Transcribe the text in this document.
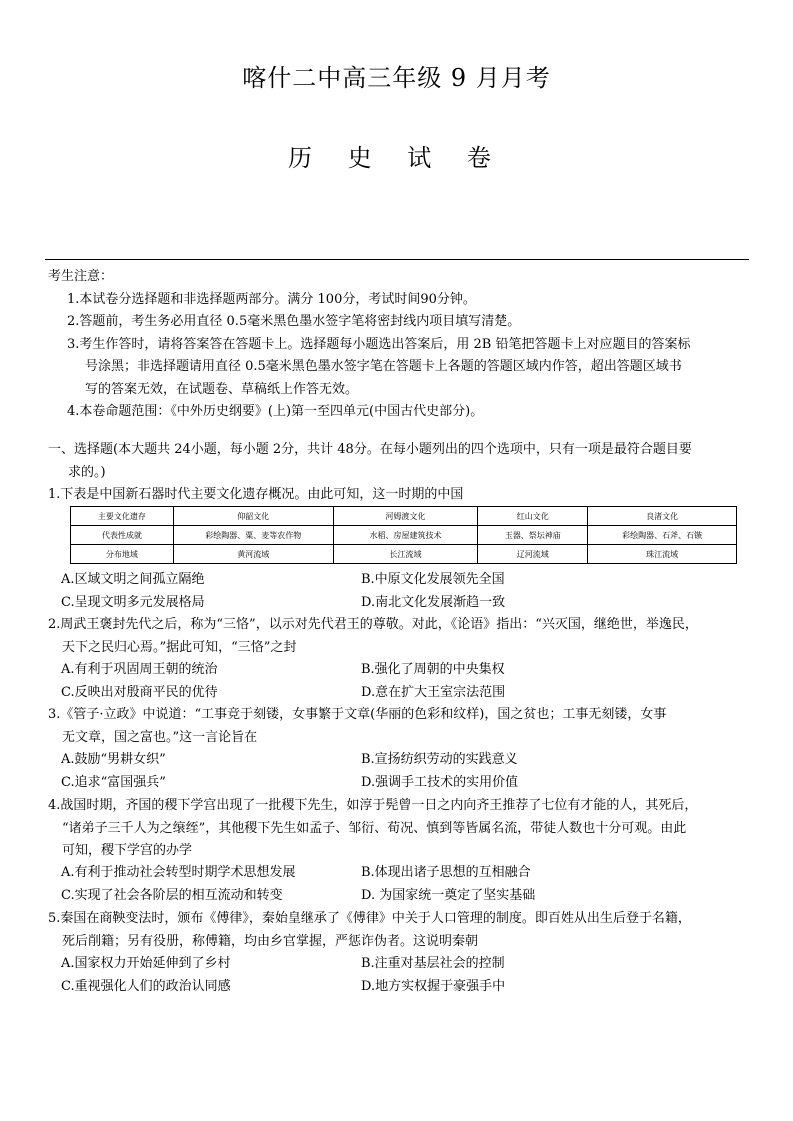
喀什二中高三年级 9 月月考
历 史 试 卷
考生注意：
1.本试卷分选择题和非选择题两部分。满分 100分，考试时间90分钟。
2.答题前，考生务必用直径 0.5毫米黑色墨水签字笔将密封线内项目填写清楚。
3.考生作答时，请将答案答在答题卡上。选择题每小题选出答案后，用 2B 铅笔把答题卡上对应题目的答案标
号涂黑；非选择题请用直径 0.5毫米黑色墨水签字笔在答题卡上各题的答题区域内作答，超出答题区域书
写的答案无效，在试题卷、草稿纸上作答无效。
4.本卷命题范围：《中外历史纲要》(上)第一至四单元(中国古代史部分)。
一、选择题(本大题共 24小题，每小题 2分，共计 48分。在每小题列出的四个选项中，只有一项是最符合题目要
求的。)
1.下表是中国新石器时代主要文化遗存概况。由此可知，这一时期的中国
主要文化遗存	仰韶文化	河姆渡文化	红山文化	良渚文化
代表性成就	彩绘陶器、粟、麦等农作物	水稻、房屋建筑技术	玉器、祭坛神庙	彩绘陶器、石斧、石镞
分布地域	黄河流域	长江流域	辽河流域	珠江流域
A.区域文明之间孤立隔绝	B.中原文化发展领先全国
C.呈现文明多元发展格局	D.南北文化发展渐趋一致
2.周武王褒封先代之后，称为“三恪”，以示对先代君王的尊敬。对此，《论语》指出：“兴灭国，继绝世，举逸民，
天下之民归心焉。”据此可知，“三恪”之封
A.有利于巩固周王朝的统治	B.强化了周朝的中央集权
C.反映出对殷商平民的优待	D.意在扩大王室宗法范围
3.《管子·立政》中说道：“工事竞于刻镂，女事繁于文章(华丽的色彩和纹样)，国之贫也；工事无刻镂，女事
无文章，国之富也。”这一言论旨在
A.鼓励“男耕女织”	B.宣扬纺织劳动的实践意义
C.追求“富国强兵”	D.强调手工技术的实用价值
4.战国时期，齐国的稷下学宫出现了一批稷下先生，如淳于髡曾一日之内向齐王推荐了七位有才能的人，其死后，
“诸弟子三千人为之缞绖”，其他稷下先生如孟子、邹衍、荀况、慎到等皆属名流，带徒人数也十分可观。由此
可知，稷下学宫的办学
A.有利于推动社会转型时期学术思想发展	B.体现出诸子思想的互相融合
C.实现了社会各阶层的相互流动和转变	D. 为国家统一奠定了坚实基础
5.秦国在商鞅变法时，颁布《傅律》，秦始皇继承了《傅律》中关于人口管理的制度。即百姓从出生后登于名籍，
死后削籍；另有役册，称傅籍，均由乡官掌握，严惩诈伪者。这说明秦朝
A.国家权力开始延伸到了乡村	B.注重对基层社会的控制
C.重视强化人们的政治认同感	D.地方实权握于豪强手中
